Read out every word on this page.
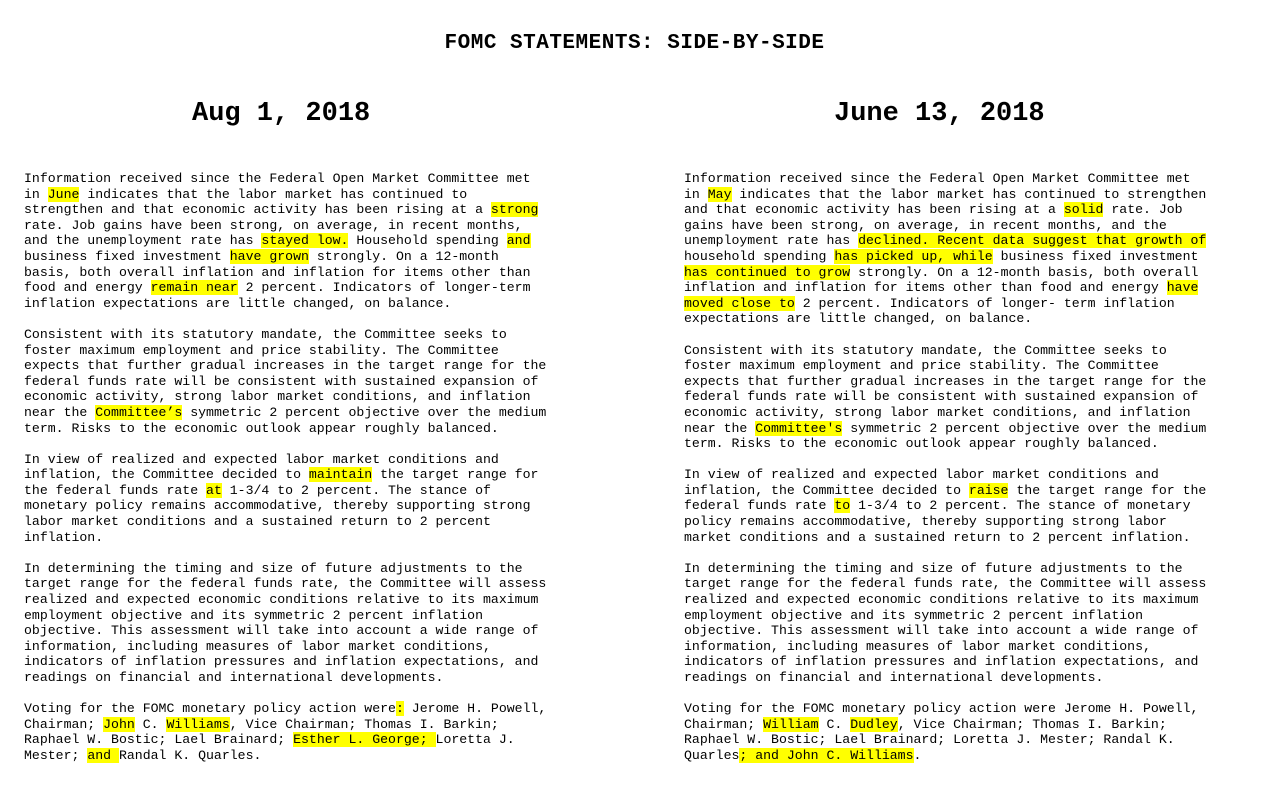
FOMC STATEMENTS: SIDE-BY-SIDE
Aug 1, 2018
Information received since the Federal Open Market Committee met
in June indicates that the labor market has continued to
strengthen and that economic activity has been rising at a strong
rate. Job gains have been strong, on average, in recent months,
and the unemployment rate has stayed low. Household spending and
business fixed investment have grown strongly. On a 12-month
basis, both overall inflation and inflation for items other than
food and energy remain near 2 percent. Indicators of longer-term
inflation expectations are little changed, on balance.
Consistent with its statutory mandate, the Committee seeks to
foster maximum employment and price stability. The Committee
expects that further gradual increases in the target range for the
federal funds rate will be consistent with sustained expansion of
economic activity, strong labor market conditions, and inflation
near the Committee’s symmetric 2 percent objective over the medium
term. Risks to the economic outlook appear roughly balanced.
In view of realized and expected labor market conditions and
inflation, the Committee decided to maintain the target range for
the federal funds rate at 1-3/4 to 2 percent. The stance of
monetary policy remains accommodative, thereby supporting strong
labor market conditions and a sustained return to 2 percent
inflation.
In determining the timing and size of future adjustments to the
target range for the federal funds rate, the Committee will assess
realized and expected economic conditions relative to its maximum
employment objective and its symmetric 2 percent inflation
objective. This assessment will take into account a wide range of
information, including measures of labor market conditions,
indicators of inflation pressures and inflation expectations, and
readings on financial and international developments.
Voting for the FOMC monetary policy action were: Jerome H. Powell,
Chairman; John C. Williams, Vice Chairman; Thomas I. Barkin;
Raphael W. Bostic; Lael Brainard; Esther L. George; Loretta J.
Mester; and Randal K. Quarles.
June 13, 2018
Information received since the Federal Open Market Committee met
in May indicates that the labor market has continued to strengthen
and that economic activity has been rising at a solid rate. Job
gains have been strong, on average, in recent months, and the
unemployment rate has declined. Recent data suggest that growth of
household spending has picked up, while business fixed investment
has continued to grow strongly. On a 12-month basis, both overall
inflation and inflation for items other than food and energy have
moved close to 2 percent. Indicators of longer- term inflation
expectations are little changed, on balance.
Consistent with its statutory mandate, the Committee seeks to
foster maximum employment and price stability. The Committee
expects that further gradual increases in the target range for the
federal funds rate will be consistent with sustained expansion of
economic activity, strong labor market conditions, and inflation
near the Committee's symmetric 2 percent objective over the medium
term. Risks to the economic outlook appear roughly balanced.
In view of realized and expected labor market conditions and
inflation, the Committee decided to raise the target range for the
federal funds rate to 1-3/4 to 2 percent. The stance of monetary
policy remains accommodative, thereby supporting strong labor
market conditions and a sustained return to 2 percent inflation.
In determining the timing and size of future adjustments to the
target range for the federal funds rate, the Committee will assess
realized and expected economic conditions relative to its maximum
employment objective and its symmetric 2 percent inflation
objective. This assessment will take into account a wide range of
information, including measures of labor market conditions,
indicators of inflation pressures and inflation expectations, and
readings on financial and international developments.
Voting for the FOMC monetary policy action were Jerome H. Powell,
Chairman; William C. Dudley, Vice Chairman; Thomas I. Barkin;
Raphael W. Bostic; Lael Brainard; Loretta J. Mester; Randal K.
Quarles; and John C. Williams.
